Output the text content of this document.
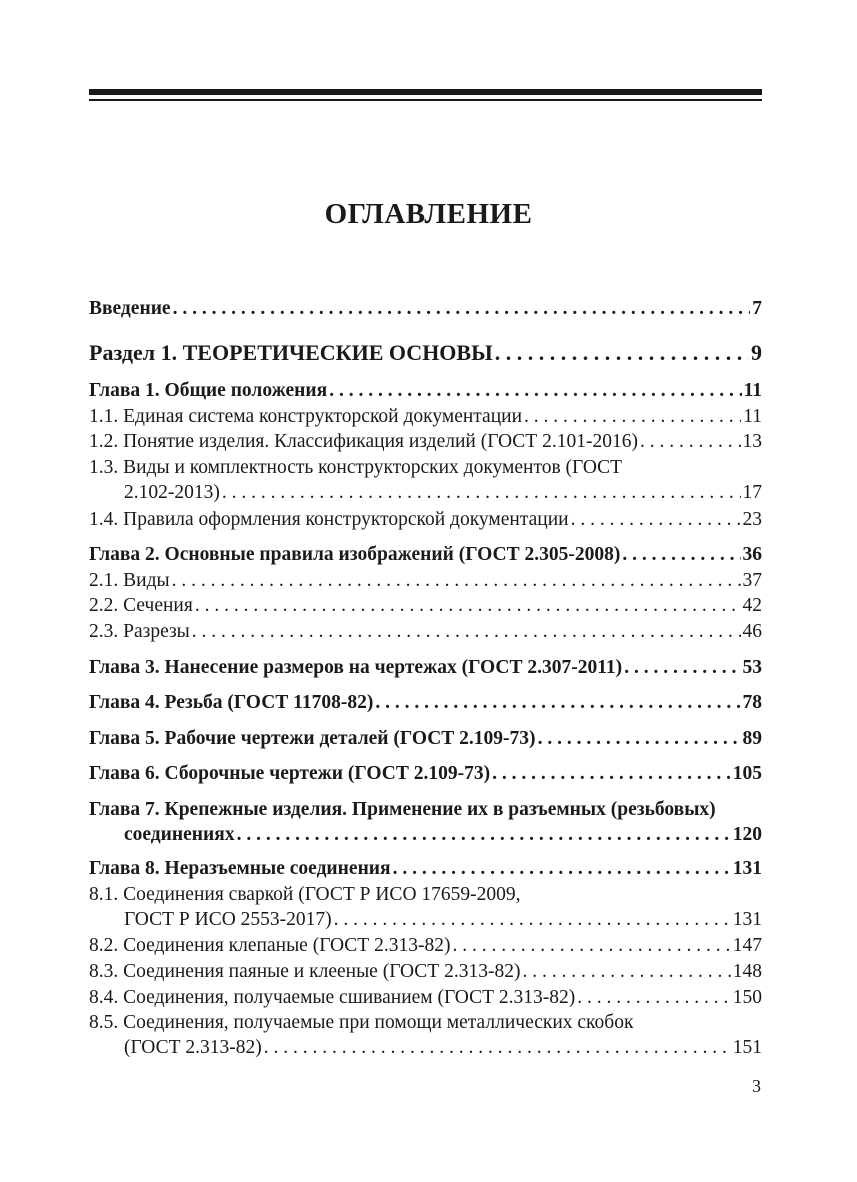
ОГЛАВЛЕНИЕ
Введение . . .	7
Раздел 1. ТЕОРЕТИЧЕСКИЕ ОСНОВЫ . . .	9
Глава 1. Общие положения . . .	11
1.1. Единая система конструкторской документации . . .	11
1.2. Понятие изделия. Классификация изделий (ГОСТ 2.101-2016) . . .	13
1.3. Виды и комплектность конструкторских документов (ГОСТ
2.102-2013) . . .	17
1.4. Правила оформления конструкторской документации . . .	23
Глава 2. Основные правила изображений (ГОСТ 2.305-2008) . . .	36
2.1. Виды . . .	37
2.2. Сечения . . .	42
2.3. Разрезы . . .	46
Глава 3. Нанесение размеров на чертежах (ГОСТ 2.307-2011) . . .	53
Глава 4. Резьба (ГОСТ 11708-82) . . .	78
Глава 5. Рабочие чертежи деталей (ГОСТ 2.109-73) . . .	89
Глава 6. Сборочные чертежи (ГОСТ 2.109-73) . . .	105
Глава 7. Крепежные изделия. Применение их в разъемных (резьбовых)
соединениях . . .	120
Глава 8. Неразъемные соединения . . .	131
8.1. Соединения сваркой (ГОСТ Р ИСО 17659-2009,
ГОСТ Р ИСО 2553-2017) . . .	131
8.2. Соединения клепаные (ГОСТ 2.313-82) . . .	147
8.3. Соединения паяные и клееные (ГОСТ 2.313-82) . . .	148
8.4. Соединения, получаемые сшиванием (ГОСТ 2.313-82) . . .	150
8.5. Соединения, получаемые при помощи металлических скобок
(ГОСТ 2.313-82) . . .	151
3
